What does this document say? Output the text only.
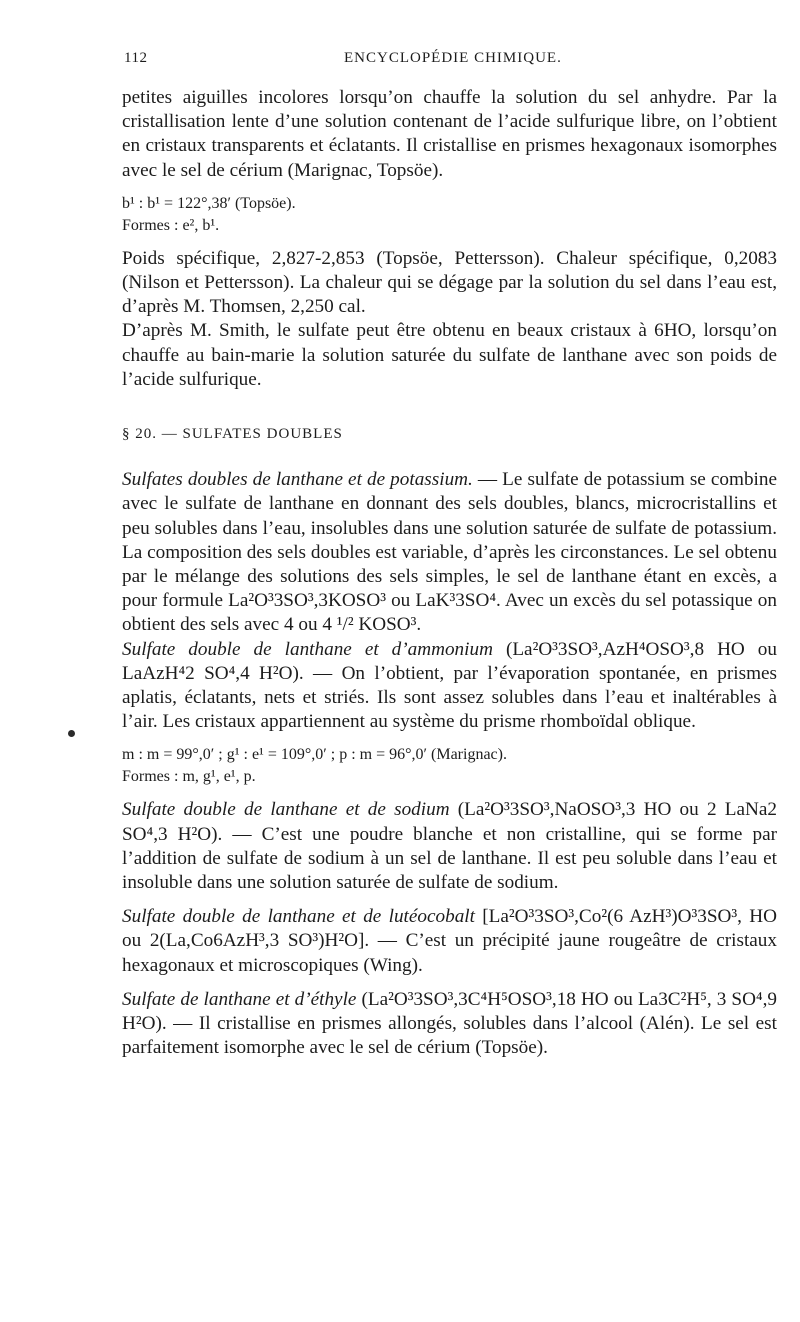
112	ENCYCLOPÉDIE CHIMIQUE.

petites aiguilles incolores lorsqu’on chauffe la solution du sel anhydre. Par la cristallisation lente d’une solution contenant de l’acide sulfurique libre, on l’obtient en cristaux transparents et éclatants. Il cristallise en prismes hexagonaux isomorphes avec le sel de cérium (Marignac, Topsöe).

b¹ : b¹ = 122°,38′ (Topsöe).

Formes : e², b¹.

Poids spécifique, 2,827-2,853 (Topsöe, Pettersson). Chaleur spécifique, 0,2083 (Nilson et Pettersson). La chaleur qui se dégage par la solution du sel dans l’eau est, d’après M. Thomsen, 2,250 cal.

D’après M. Smith, le sulfate peut être obtenu en beaux cristaux à 6HO, lorsqu’on chauffe au bain-marie la solution saturée du sulfate de lanthane avec son poids de l’acide sulfurique.

§ 20. — SULFATES DOUBLES

Sulfates doubles de lanthane et de potassium. — Le sulfate de potassium se combine avec le sulfate de lanthane en donnant des sels doubles, blancs, microcristallins et peu solubles dans l’eau, insolubles dans une solution saturée de sulfate de potassium. La composition des sels doubles est variable, d’après les circonstances. Le sel obtenu par le mélange des solutions des sels simples, le sel de lanthane étant en excès, a pour formule La²O³3SO³,3KOSO³ ou LaK³3SO⁴. Avec un excès du sel potassique on obtient des sels avec 4 ou 4 ¹/² KOSO³.

Sulfate double de lanthane et d’ammonium (La²O³3SO³,AzH⁴OSO³,8 HO ou LaAzH⁴2 SO⁴,4 H²O). — On l’obtient, par l’évaporation spontanée, en prismes aplatis, éclatants, nets et striés. Ils sont assez solubles dans l’eau et inaltérables à l’air. Les cristaux appartiennent au système du prisme rhomboïdal oblique.

m : m = 99°,0′ ; g¹ : e¹ = 109°,0′ ; p : m = 96°,0′ (Marignac).

Formes : m, g¹, e¹, p.

Sulfate double de lanthane et de sodium (La²O³3SO³,NaOSO³,3 HO ou 2 LaNa2 SO⁴,3 H²O). — C’est une poudre blanche et non cristalline, qui se forme par l’addition de sulfate de sodium à un sel de lanthane. Il est peu soluble dans l’eau et insoluble dans une solution saturée de sulfate de sodium.

Sulfate double de lanthane et de lutéocobalt [La²O³3SO³,Co²(6 AzH³)O³3SO³, HO ou 2(La,Co6AzH³,3 SO³)H²O]. — C’est un précipité jaune rougeâtre de cristaux hexagonaux et microscopiques (Wing).

Sulfate de lanthane et d’éthyle (La²O³3SO³,3C⁴H⁵OSO³,18 HO ou La3C²H⁵, 3 SO⁴,9 H²O). — Il cristallise en prismes allongés, solubles dans l’alcool (Alén). Le sel est parfaitement isomorphe avec le sel de cérium (Topsöe).
